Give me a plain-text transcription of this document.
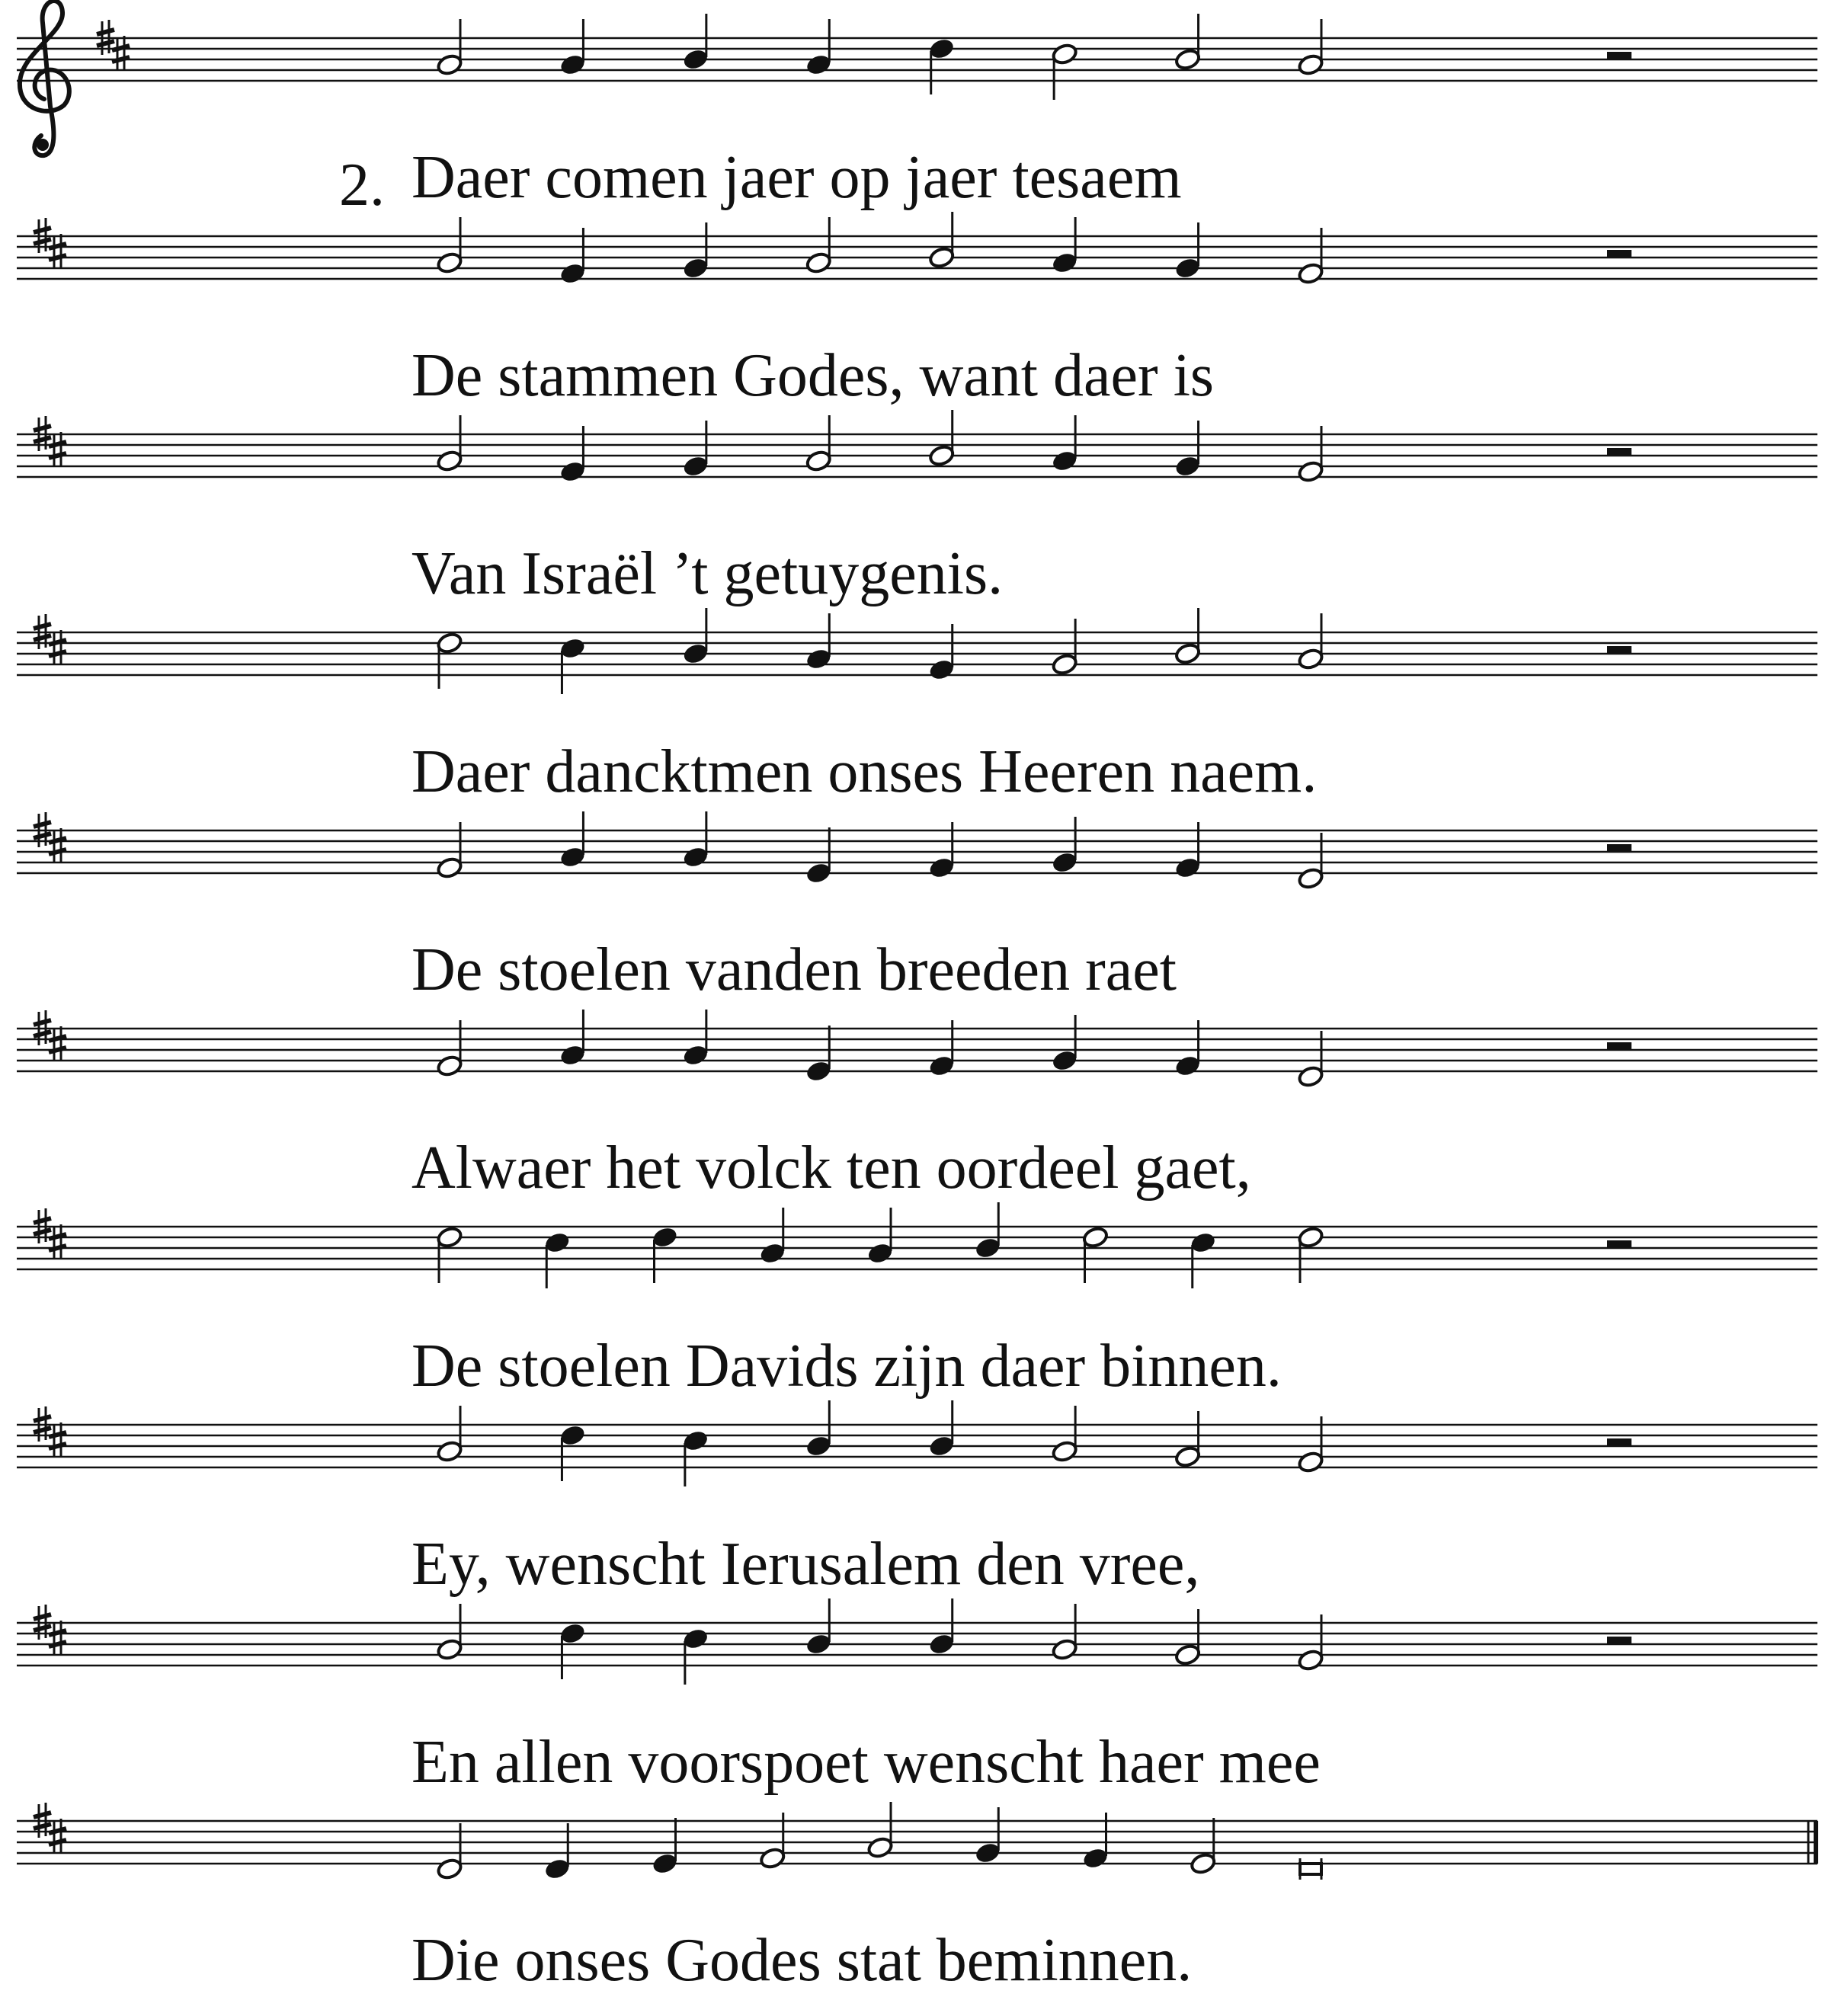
2. Daer comen jaer op jaer tesaem

De stammen Godes, want daer is

Van Israël ’t getuygenis.

Daer dancktmen onses Heeren naem.

De stoelen vanden breeden raet

Alwaer het volck ten oordeel gaet,

De stoelen Davids zijn daer binnen.

Ey, wenscht Ierusalem den vree,

En allen voorspoet wenscht haer mee

Die onses Godes stat beminnen.
